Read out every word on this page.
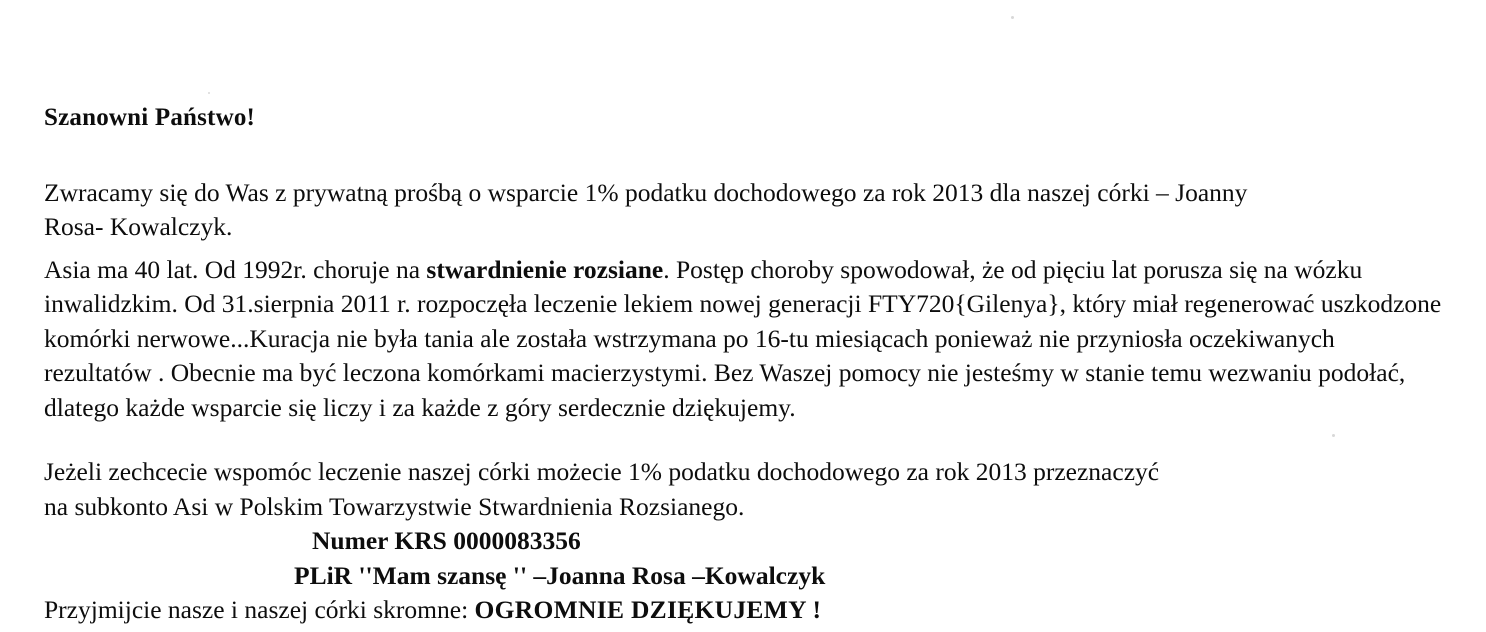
Szanowni Państwo!

Zwracamy się do Was z prywatną prośbą o wsparcie 1% podatku dochodowego za rok 2013 dla naszej córki – Joanny
Rosa- Kowalczyk.

Asia ma 40 lat. Od 1992r. choruje na stwardnienie rozsiane. Postęp choroby spowodował, że od pięciu lat porusza się na wózku inwalidzkim. Od 31.sierpnia 2011 r. rozpoczęła leczenie lekiem nowej generacji FTY720{Gilenya}, który miał regenerować uszkodzone komórki nerwowe...Kuracja nie była tania ale została wstrzymana po 16-tu miesiącach ponieważ nie przyniosła oczekiwanych rezultatów . Obecnie ma być leczona komórkami macierzystymi. Bez Waszej pomocy nie jesteśmy w stanie temu wezwaniu podołać, dlatego każde wsparcie się liczy i za każde z góry serdecznie dziękujemy.

Jeżeli zechcecie wspomóc leczenie naszej córki możecie 1% podatku dochodowego za rok 2013 przeznaczyć
na subkonto Asi w Polskim Towarzystwie Stwardnienia Rozsianego.

Numer KRS 0000083356

PLiR ''Mam szansę '' –Joanna Rosa –Kowalczyk

Przyjmijcie nasze i naszej córki skromne: OGROMNIE DZIĘKUJEMY !
